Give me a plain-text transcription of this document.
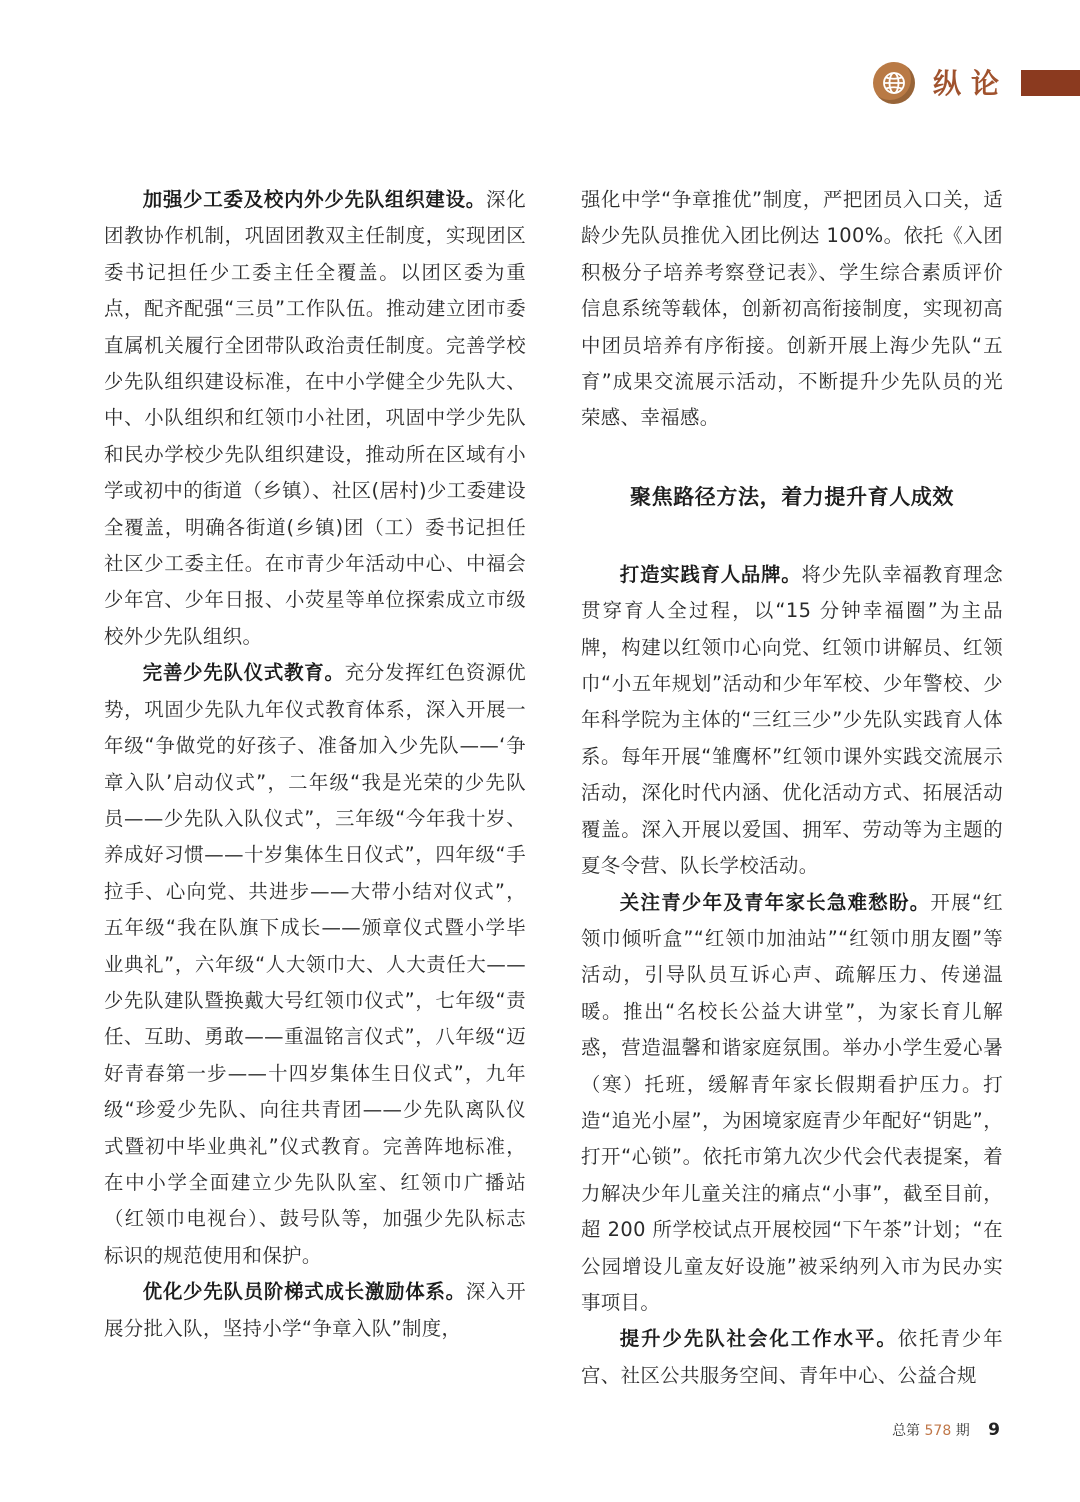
纵论

加强少工委及校内外少先队组织建设。深化团教协作机制，巩固团教双主任制度，实现团区委书记担任少工委主任全覆盖。以团区委为重点，配齐配强“三员”工作队伍。推动建立团市委直属机关履行全团带队政治责任制度。完善学校少先队组织建设标准，在中小学健全少先队大、中、小队组织和红领巾小社团，巩固中学少先队和民办学校少先队组织建设，推动所在区域有小学或初中的街道（乡镇）、社区(居村)少工委建设全覆盖，明确各街道(乡镇)团（工）委书记担任社区少工委主任。在市青少年活动中心、中福会少年宫、少年日报、小荧星等单位探索成立市级校外少先队组织。

完善少先队仪式教育。充分发挥红色资源优势，巩固少先队九年仪式教育体系，深入开展一年级“争做党的好孩子、准备加入少先队——‘争章入队’启动仪式”，二年级“我是光荣的少先队员——少先队入队仪式”，三年级“今年我十岁、养成好习惯——十岁集体生日仪式”，四年级“手拉手、心向党、共进步——大带小结对仪式”，五年级“我在队旗下成长——颁章仪式暨小学毕业典礼”，六年级“人大领巾大、人大责任大——少先队建队暨换戴大号红领巾仪式”，七年级“责任、互助、勇敢——重温铭言仪式”，八年级“迈好青春第一步——十四岁集体生日仪式”，九年级“珍爱少先队、向往共青团——少先队离队仪式暨初中毕业典礼”仪式教育。完善阵地标准，在中小学全面建立少先队队室、红领巾广播站（红领巾电视台）、鼓号队等，加强少先队标志标识的规范使用和保护。

优化少先队员阶梯式成长激励体系。深入开展分批入队，坚持小学“争章入队”制度，

强化中学“争章推优”制度，严把团员入口关，适龄少先队员推优入团比例达 100%。依托《入团积极分子培养考察登记表》、学生综合素质评价信息系统等载体，创新初高衔接制度，实现初高中团员培养有序衔接。创新开展上海少先队“五育”成果交流展示活动，不断提升少先队员的光荣感、幸福感。

聚焦路径方法，着力提升育人成效

打造实践育人品牌。将少先队幸福教育理念贯穿育人全过程，以“15 分钟幸福圈”为主品牌，构建以红领巾心向党、红领巾讲解员、红领巾“小五年规划”活动和少年军校、少年警校、少年科学院为主体的“三红三少”少先队实践育人体系。每年开展“雏鹰杯”红领巾课外实践交流展示活动，深化时代内涵、优化活动方式、拓展活动覆盖。深入开展以爱国、拥军、劳动等为主题的夏冬令营、队长学校活动。

关注青少年及青年家长急难愁盼。开展“红领巾倾听盒”“红领巾加油站”“红领巾朋友圈”等活动，引导队员互诉心声、疏解压力、传递温暖。推出“名校长公益大讲堂”，为家长育儿解惑，营造温馨和谐家庭氛围。举办小学生爱心暑（寒）托班，缓解青年家长假期看护压力。打造“追光小屋”，为困境家庭青少年配好“钥匙”，打开“心锁”。依托市第九次少代会代表提案，着力解决少年儿童关注的痛点“小事”，截至目前，超 200 所学校试点开展校园“下午茶”计划；“在公园增设儿童友好设施”被采纳列入市为民办实事项目。

提升少先队社会化工作水平。依托青少年宫、社区公共服务空间、青年中心、公益合规

总第 578 期 9
